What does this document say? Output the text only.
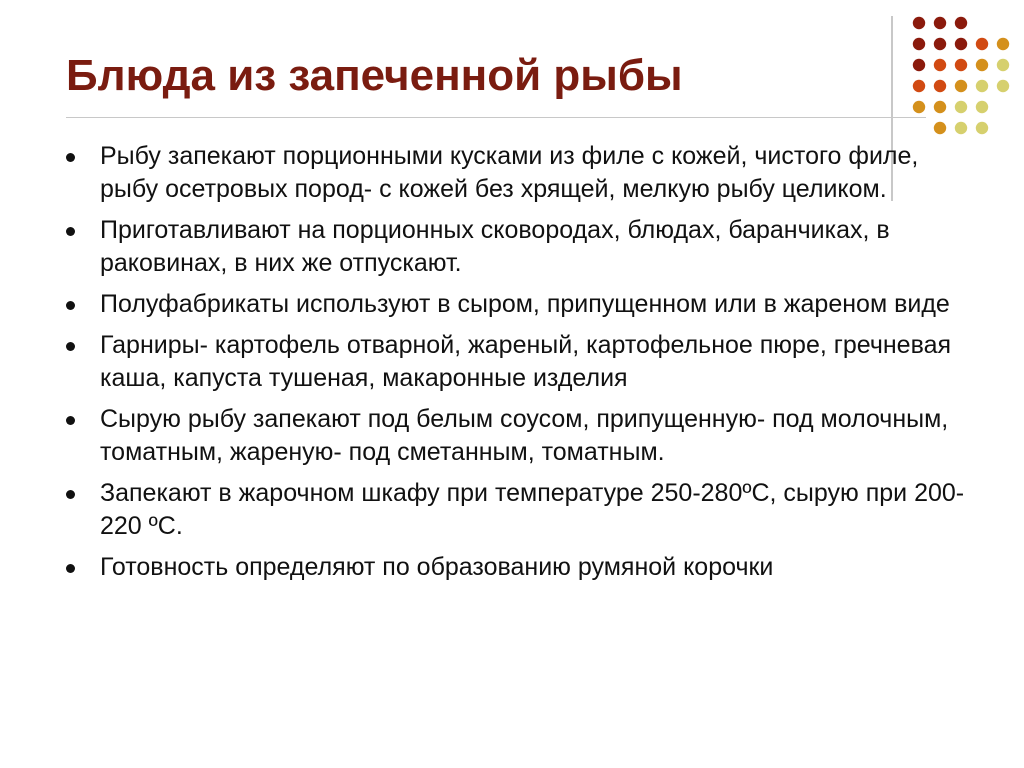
Блюда из запеченной рыбы
Рыбу запекают порционными кусками из филе с кожей, чистого филе, рыбу осетровых пород- с кожей без хрящей, мелкую рыбу целиком.
Приготавливают на порционных сковородах, блюдах, баранчиках, в раковинах, в них же отпускают.
Полуфабрикаты используют в сыром, припущенном или в жареном виде
Гарниры- картофель отварной, жареный, картофельное пюре, гречневая каша, капуста тушеная, макаронные изделия
Сырую рыбу запекают под белым соусом, припущенную- под молочным, томатным, жареную- под сметанным, томатным.
Запекают в жарочном шкафу при температуре 250-280ºС, сырую при 200-220 ºС.
Готовность определяют по образованию румяной корочки
